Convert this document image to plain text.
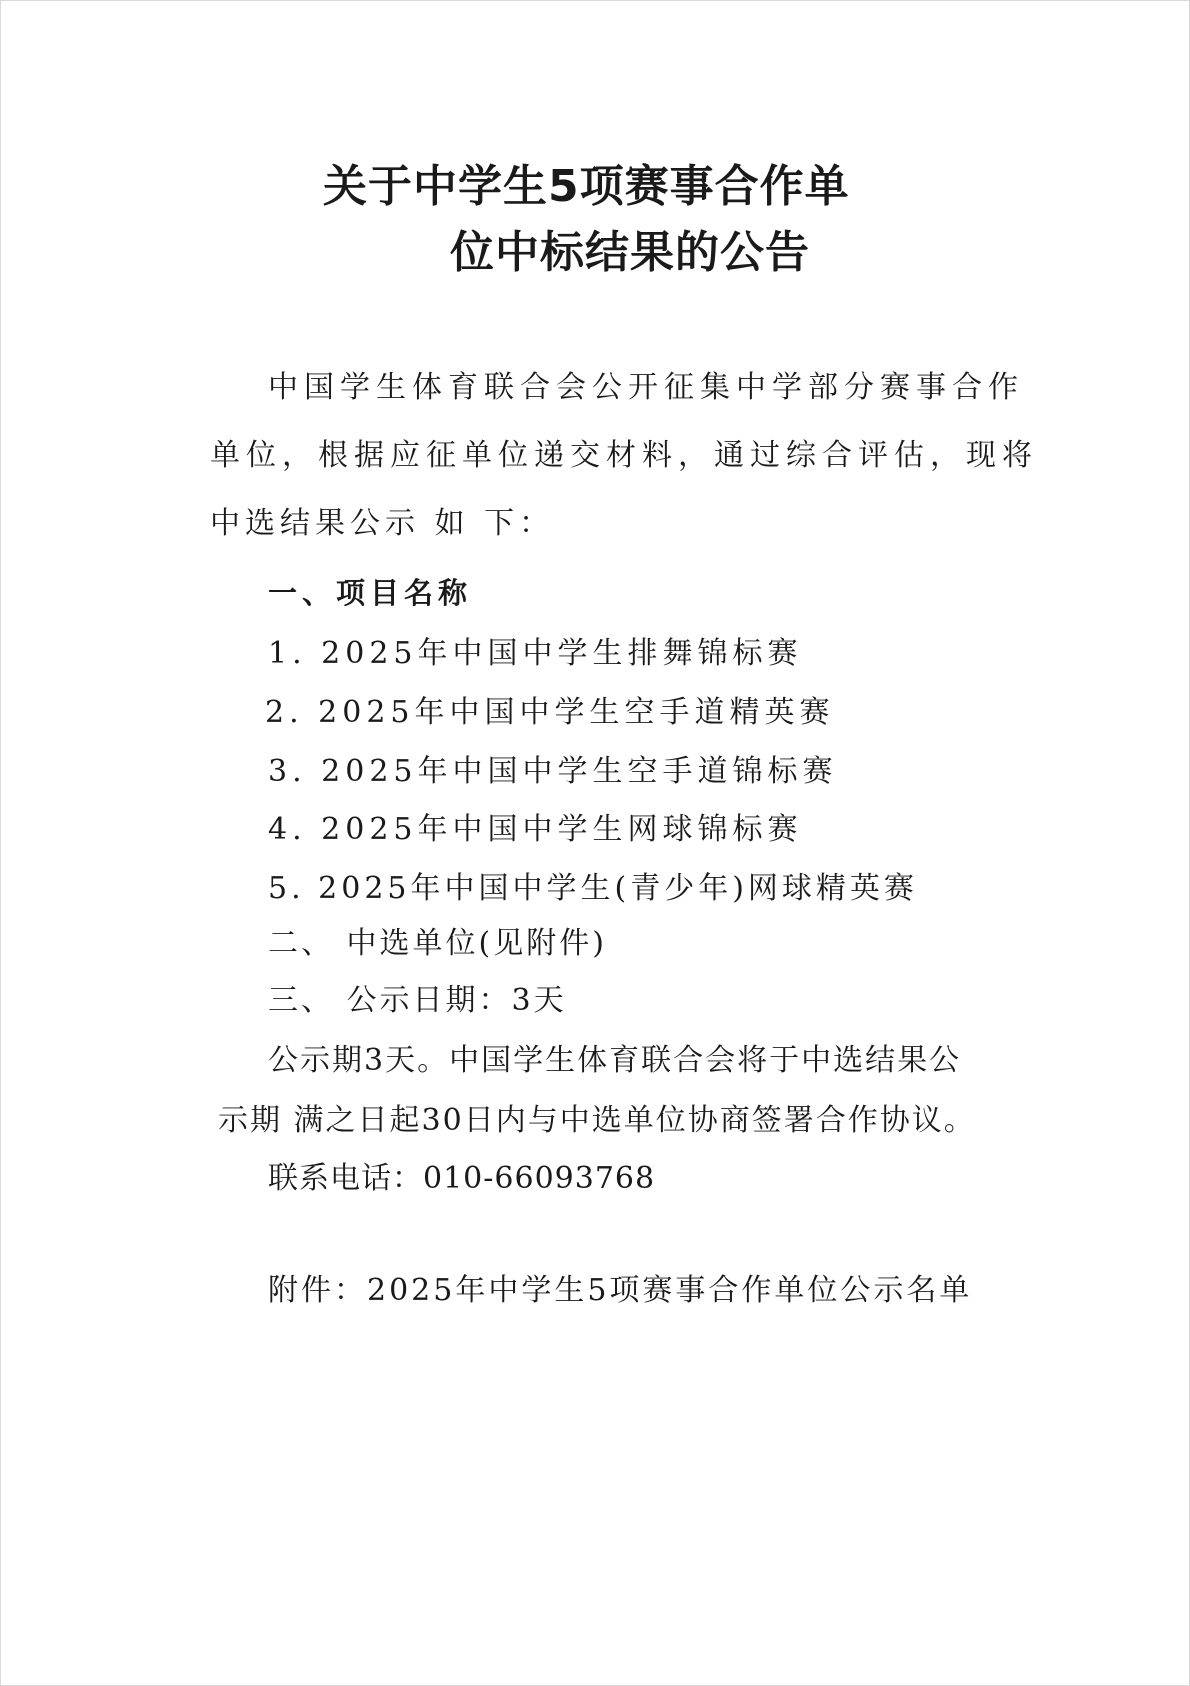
关于中学生5项赛事合作单
位中标结果的公告
中国学生体育联合会公开征集中学部分赛事合作
单位，根据应征单位递交材料，通过综合评估，现将
中选结果公示 如 下：
一、项目名称
1. 2025年中国中学生排舞锦标赛
2. 2025年中国中学生空手道精英赛
3. 2025年中国中学生空手道锦标赛
4. 2025年中国中学生网球锦标赛
5. 2025年中国中学生(青少年)网球精英赛
二、 中选单位(见附件)
三、 公示日期：3天
公示期3天。中国学生体育联合会将于中选结果公
示期 满之日起30日内与中选单位协商签署合作协议。
联系电话：010-66093768
附件：2025年中学生5项赛事合作单位公示名单
